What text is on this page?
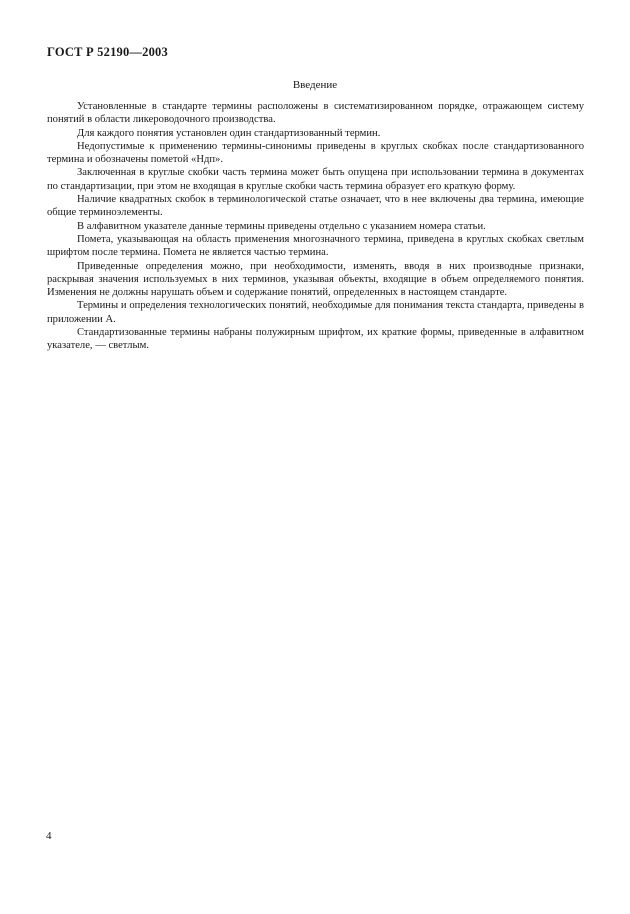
ГОСТ Р 52190—2003
Введение

Установленные в стандарте термины расположены в систематизированном порядке, отражающем систему понятий в области ликероводочного производства.

Для каждого понятия установлен один стандартизованный термин.

Недопустимые к применению термины-синонимы приведены в круглых скобках после стандартизованного термина и обозначены пометой «Ндп».

Заключенная в круглые скобки часть термина может быть опущена при использовании термина в документах по стандартизации, при этом не входящая в круглые скобки часть термина образует его краткую форму.

Наличие квадратных скобок в терминологической статье означает, что в нее включены два термина, имеющие общие терминоэлементы.

В алфавитном указателе данные термины приведены отдельно с указанием номера статьи.

Помета, указывающая на область применения многозначного термина, приведена в круглых скобках светлым шрифтом после термина. Помета не является частью термина.

Приведенные определения можно, при необходимости, изменять, вводя в них производные признаки, раскрывая значения используемых в них терминов, указывая объекты, входящие в объем определяемого понятия. Изменения не должны нарушать объем и содержание понятий, определенных в настоящем стандарте.

Термины и определения технологических понятий, необходимые для понимания текста стандарта, приведены в приложении А.

Стандартизованные термины набраны полужирным шрифтом, их краткие формы, приведенные в алфавитном указателе, — светлым.

4
